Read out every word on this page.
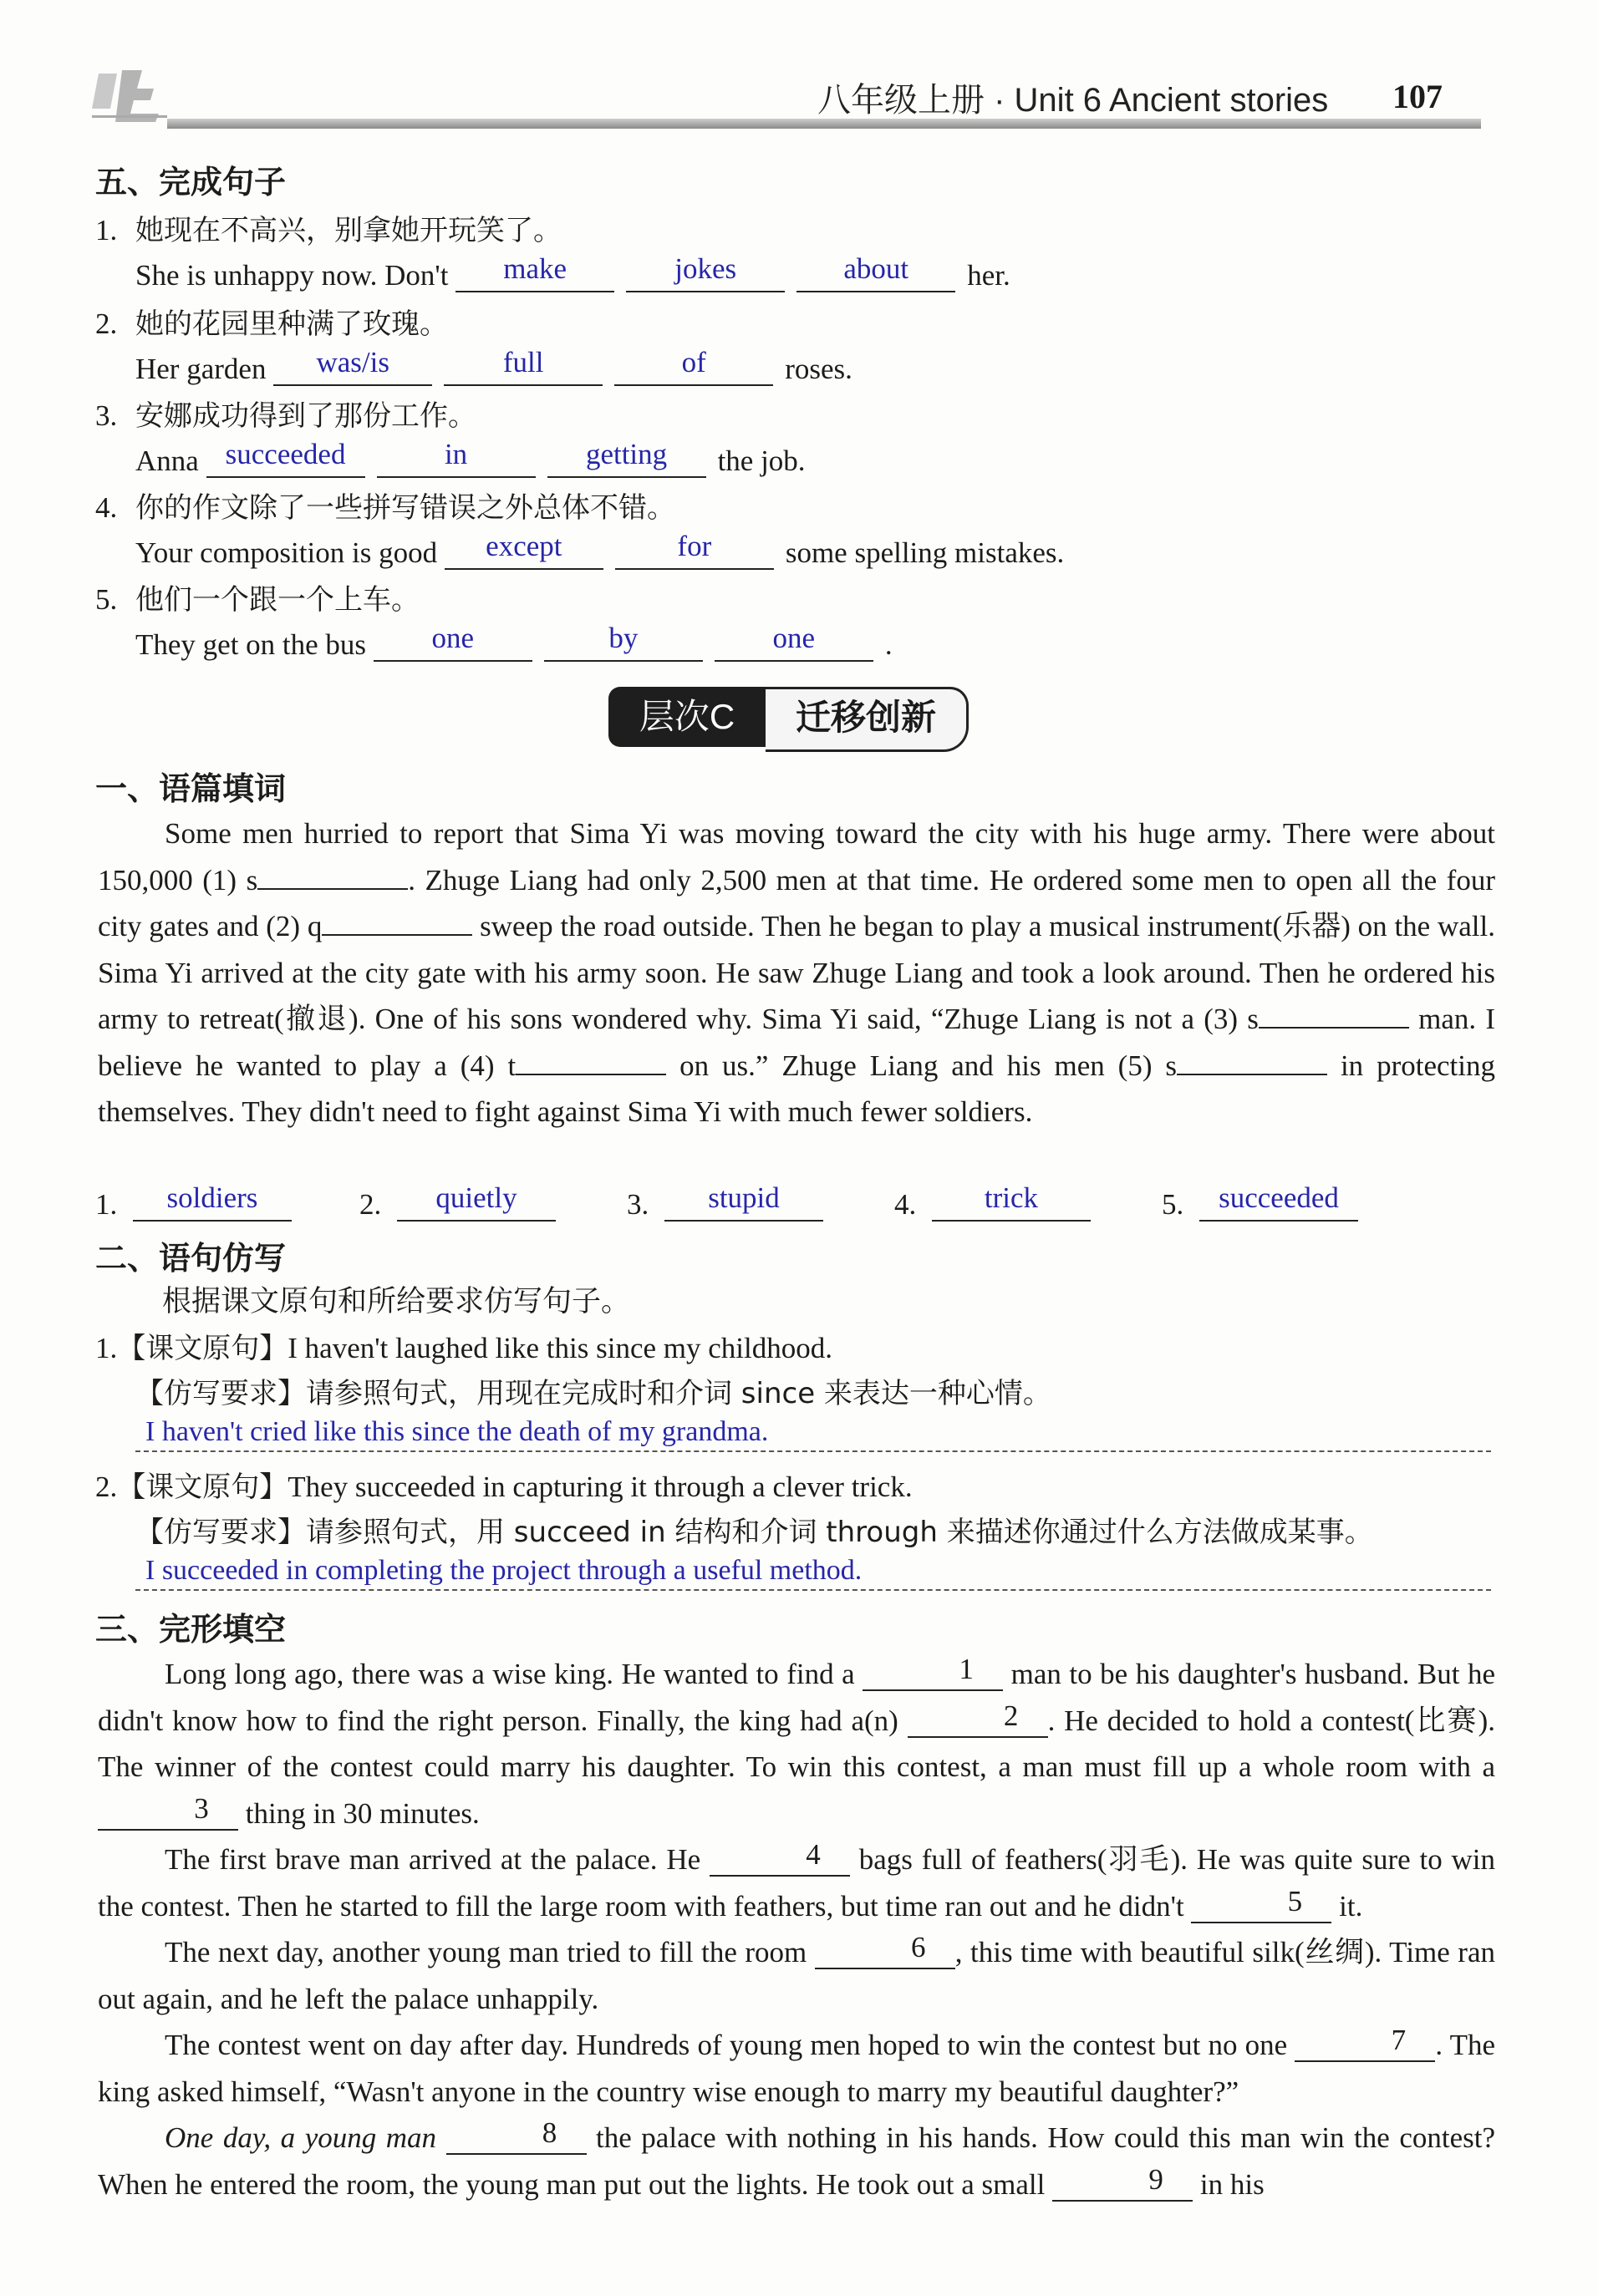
八年级上册 · Unit 6 Ancient stories 107
五、完成句子
1. 她现在不高兴，别拿她开玩笑了。
She is unhappy now. Don't make	jokes	about her.
2. 她的花园里种满了玫瑰。
Her garden was/is	full	of	roses.
3. 安娜成功得到了那份工作。
Anna succeeded	in	getting the job.
4. 你的作文除了一些拼写错误之外总体不错。
Your composition is good except	for	some spelling mistakes.
5. 他们一个跟一个上车。
They get on the bus one	by	one .
层次C	迁移创新
一、语篇填词

Some men hurried to report that Sima Yi was moving toward the city with his huge army. There were about 150,000 (1) s	. Zhuge Liang had only 2,500 men at that time. He ordered some men to open all the four city gates and (2) q	sweep the road outside. Then he began to play a musical instrument(乐器) on the wall. Sima Yi arrived at the city gate with his army soon. He saw Zhuge Liang and took a look around. Then he ordered his army to retreat(撤退). One of his sons wondered why. Sima Yi said, “Zhuge Liang is not a (3) s	man. I believe he wanted to play a (4) t	on us.” Zhuge Liang and his men (5) s	in protecting themselves. They didn't need to fight against Sima Yi with much fewer soldiers.

1. soldiers	2. quietly	3. stupid	4. trick	5. succeeded
二、语句仿写
根据课文原句和所给要求仿写句子。
1.【课文原句】I haven't laughed like this since my childhood.
【仿写要求】请参照句式，用现在完成时和介词 since 来表达一种心情。
I haven't cried like this since the death of my grandma.
2.【课文原句】They succeeded in capturing it through a clever trick.
【仿写要求】请参照句式，用 succeed in 结构和介词 through 来描述你通过什么方法做成某事。
I succeeded in completing the project through a useful method.
三、完形填空

Long long ago, there was a wise king. He wanted to find a	1 man to be his daughter's husband. But he didn't know how to find the right person. Finally, the king had a(n)	2 . He decided to hold a contest(比赛). The winner of the contest could marry his daughter. To win this contest, a man must fill up a whole room with a 3 thing in 30 minutes.

The first brave man arrived at the palace. He	4 bags full of feathers(羽毛). He was quite sure to win the contest. Then he started to fill the large room with feathers, but time ran out and he didn't	5 it.

The next day, another young man tried to fill the room	6 , this time with beautiful silk(丝绸). Time ran out again, and he left the palace unhappily.

The contest went on day after day. Hundreds of young men hoped to win the contest but no one	7 . The king asked himself, “Wasn't anyone in the country wise enough to marry my beautiful daughter?”

One day, a young man	8 the palace with nothing in his hands. How could this man win the contest? When he entered the room, the young man put out the lights. He took out a small	9 in his
